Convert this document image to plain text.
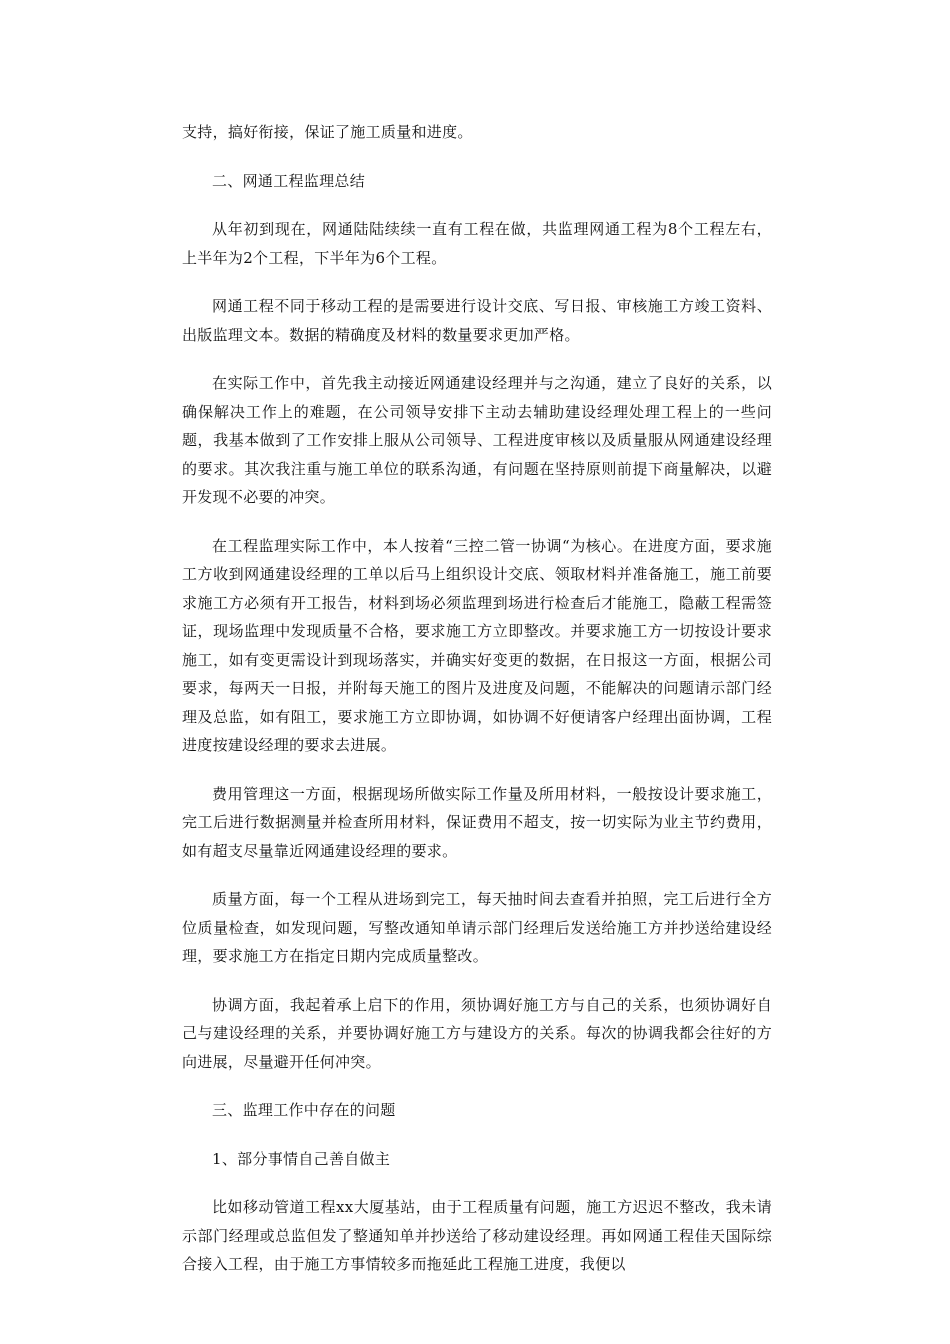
支持，搞好衔接，保证了施工质量和进度。

二、网通工程监理总结

从年初到现在，网通陆陆续续一直有工程在做，共监理网通工程为8个工程左右，上半年为2个工程，下半年为6个工程。

网通工程不同于移动工程的是需要进行设计交底、写日报、审核施工方竣工资料、出版监理文本。数据的精确度及材料的数量要求更加严格。

在实际工作中，首先我主动接近网通建设经理并与之沟通，建立了良好的关系，以确保解决工作上的难题，在公司领导安排下主动去辅助建设经理处理工程上的一些问题，我基本做到了工作安排上服从公司领导、工程进度审核以及质量服从网通建设经理的要求。其次我注重与施工单位的联系沟通，有问题在坚持原则前提下商量解决，以避开发现不必要的冲突。

在工程监理实际工作中，本人按着“三控二管一协调“为核心。在进度方面，要求施工方收到网通建设经理的工单以后马上组织设计交底、领取材料并准备施工，施工前要求施工方必须有开工报告，材料到场必须监理到场进行检查后才能施工，隐蔽工程需签证，现场监理中发现质量不合格，要求施工方立即整改。并要求施工方一切按设计要求施工，如有变更需设计到现场落实，并确实好变更的数据，在日报这一方面，根据公司要求，每两天一日报，并附每天施工的图片及进度及问题，不能解决的问题请示部门经理及总监，如有阻工，要求施工方立即协调，如协调不好便请客户经理出面协调，工程进度按建设经理的要求去进展。

费用管理这一方面，根据现场所做实际工作量及所用材料，一般按设计要求施工，完工后进行数据测量并检查所用材料，保证费用不超支，按一切实际为业主节约费用，如有超支尽量靠近网通建设经理的要求。

质量方面，每一个工程从进场到完工，每天抽时间去查看并拍照，完工后进行全方位质量检查，如发现问题，写整改通知单请示部门经理后发送给施工方并抄送给建设经理，要求施工方在指定日期内完成质量整改。

协调方面，我起着承上启下的作用，须协调好施工方与自己的关系，也须协调好自己与建设经理的关系，并要协调好施工方与建设方的关系。每次的协调我都会往好的方向进展，尽量避开任何冲突。

三、监理工作中存在的问题

1、部分事情自己善自做主

比如移动管道工程xx大厦基站，由于工程质量有问题，施工方迟迟不整改，我未请示部门经理或总监但发了整通知单并抄送给了移动建设经理。再如网通工程佳天国际综合接入工程，由于施工方事情较多而拖延此工程施工进度，我便以
